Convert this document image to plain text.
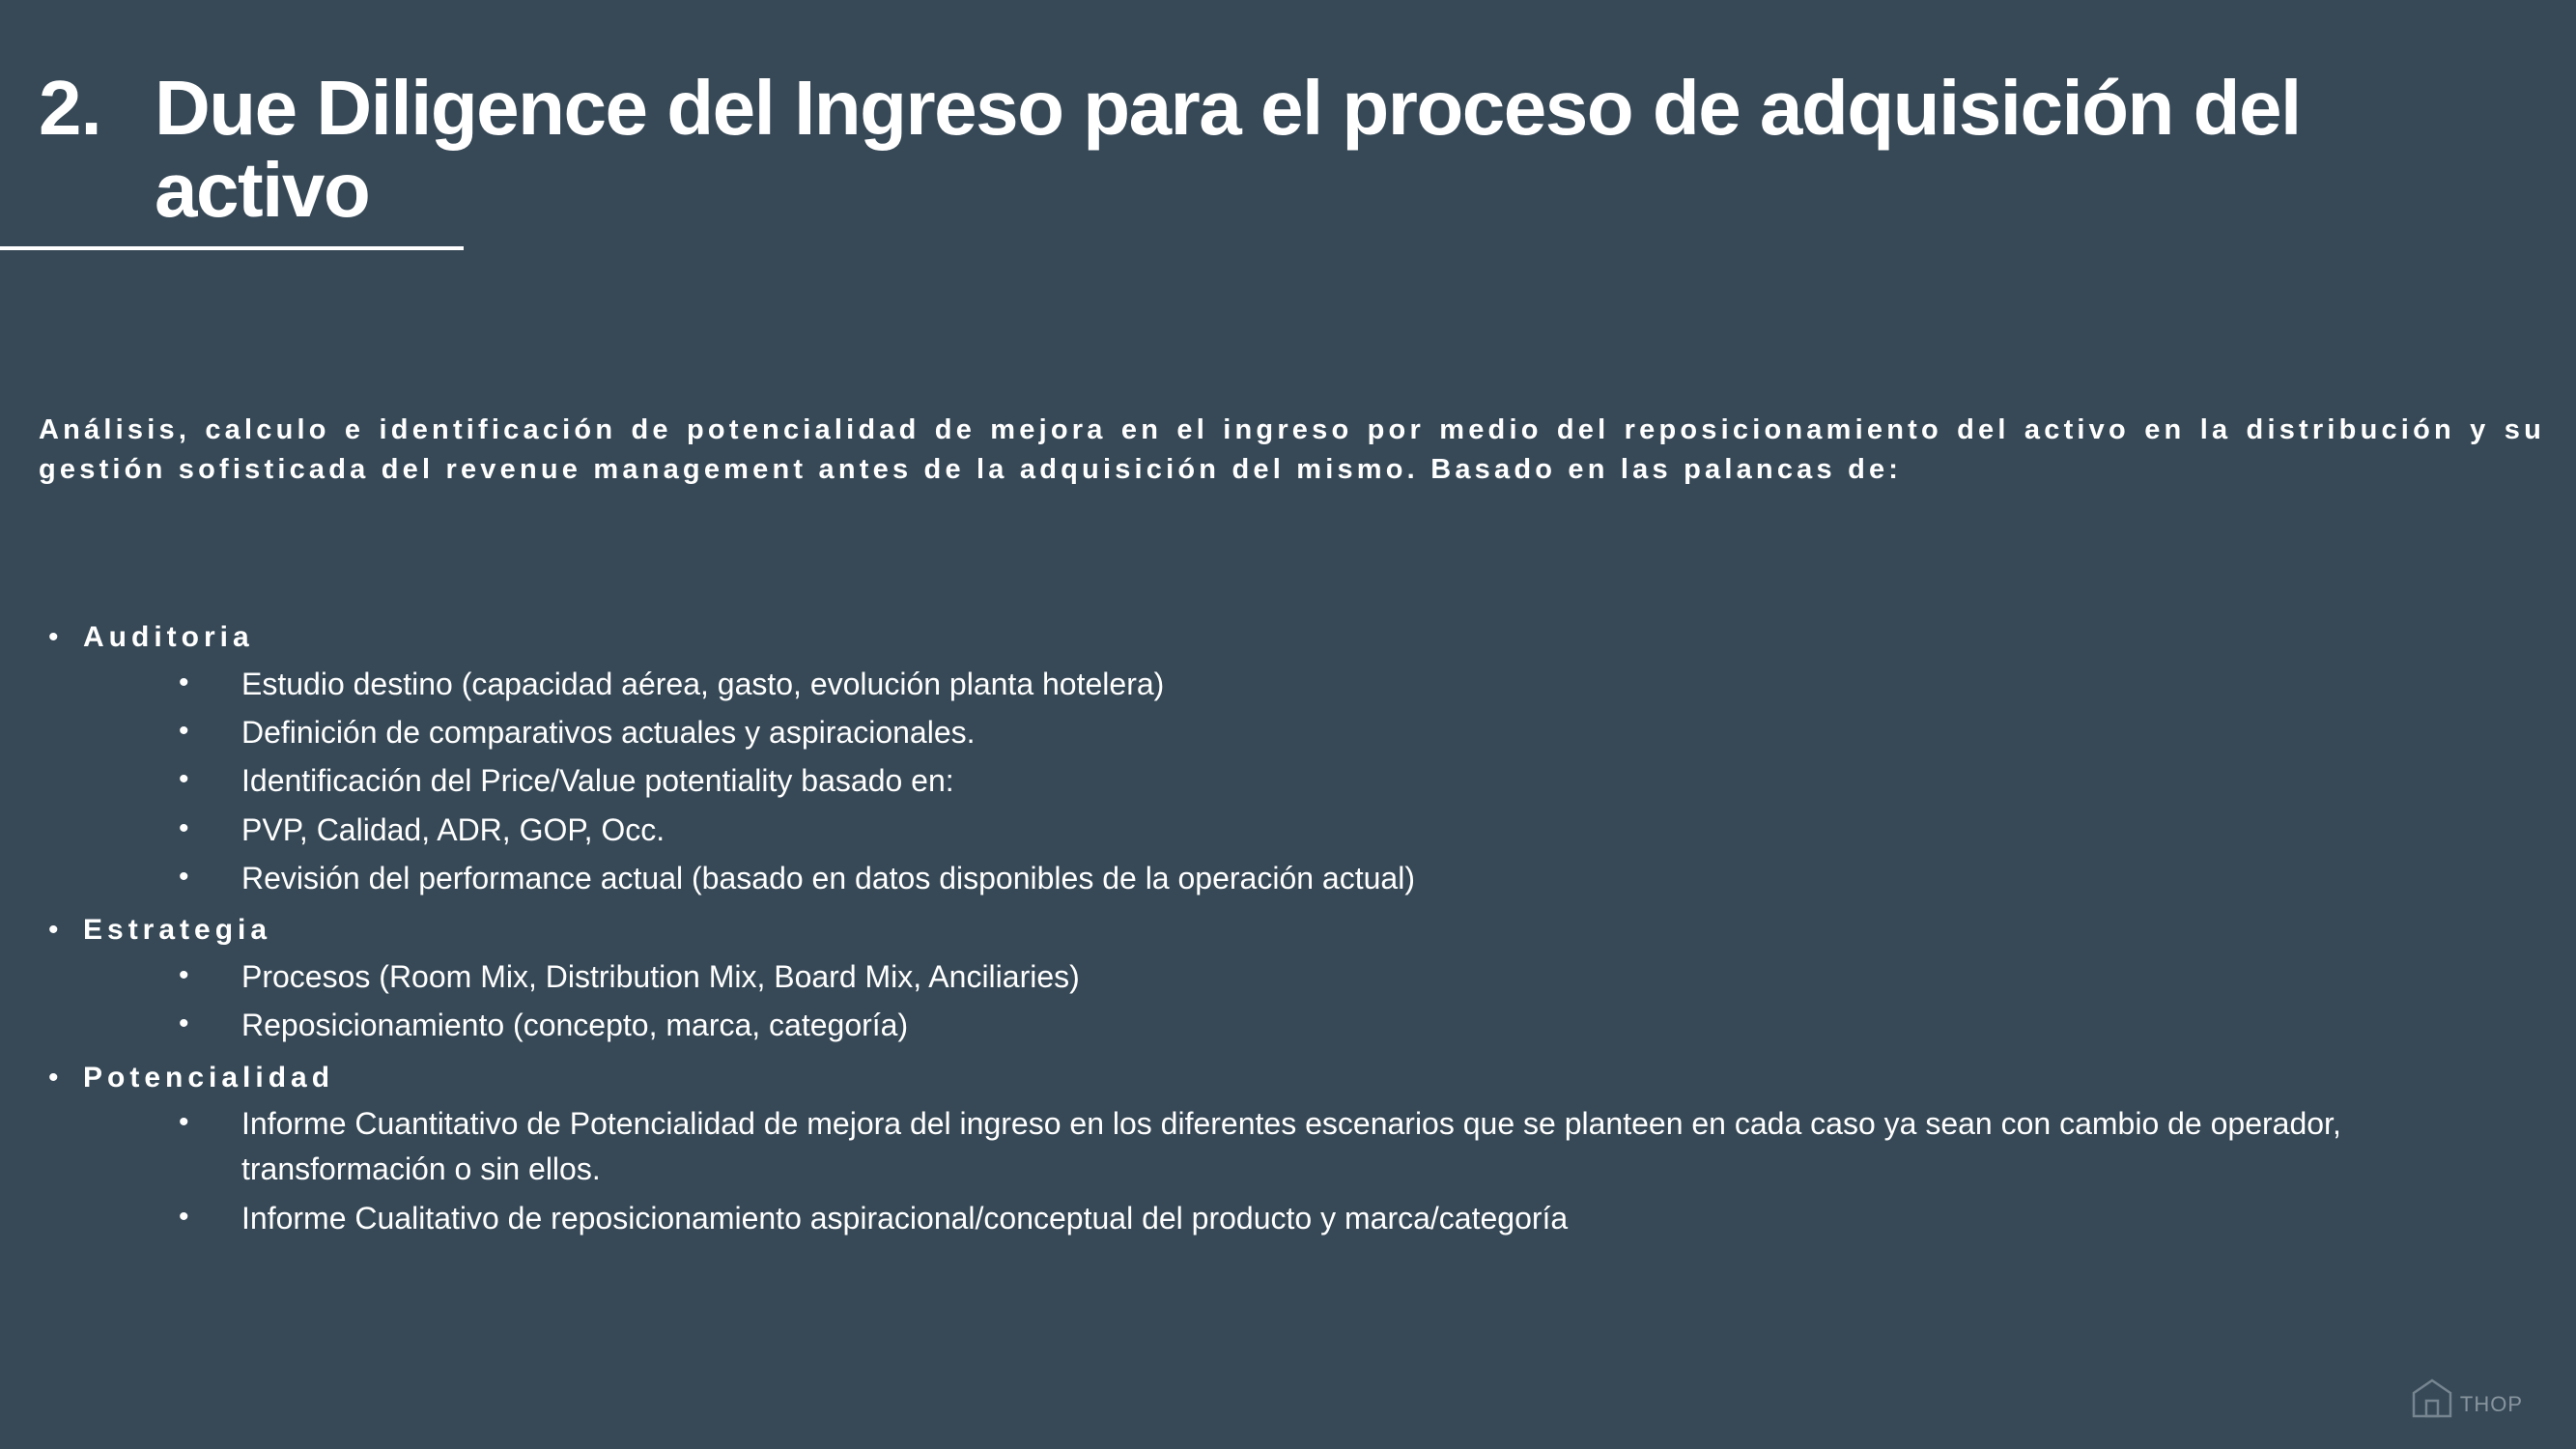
2. Due Diligence del Ingreso para el proceso de adquisición del activo
Análisis, calculo e identificación de potencialidad de mejora en el ingreso por medio del reposicionamiento del activo en la distribución y su gestión sofisticada del revenue management antes de la adquisición del mismo. Basado en las palancas de:
• Auditoria
•	Estudio destino (capacidad aérea, gasto, evolución planta hotelera)
•	Definición de comparativos actuales y aspiracionales.
•	Identificación del Price/Value potentiality basado en:
•	PVP, Calidad, ADR, GOP, Occ.
•	Revisión del performance actual (basado en datos disponibles de la operación actual)
• Estrategia
•	Procesos (Room Mix, Distribution Mix, Board Mix, Anciliaries)
•	Reposicionamiento (concepto, marca, categoría)
• Potencialidad
•	Informe Cuantitativo de Potencialidad de mejora del ingreso en los diferentes escenarios que se planteen en cada caso ya sean con cambio de operador, transformación o sin ellos.
•	Informe Cualitativo de reposicionamiento aspiracional/conceptual del producto y marca/categoría
THOP
